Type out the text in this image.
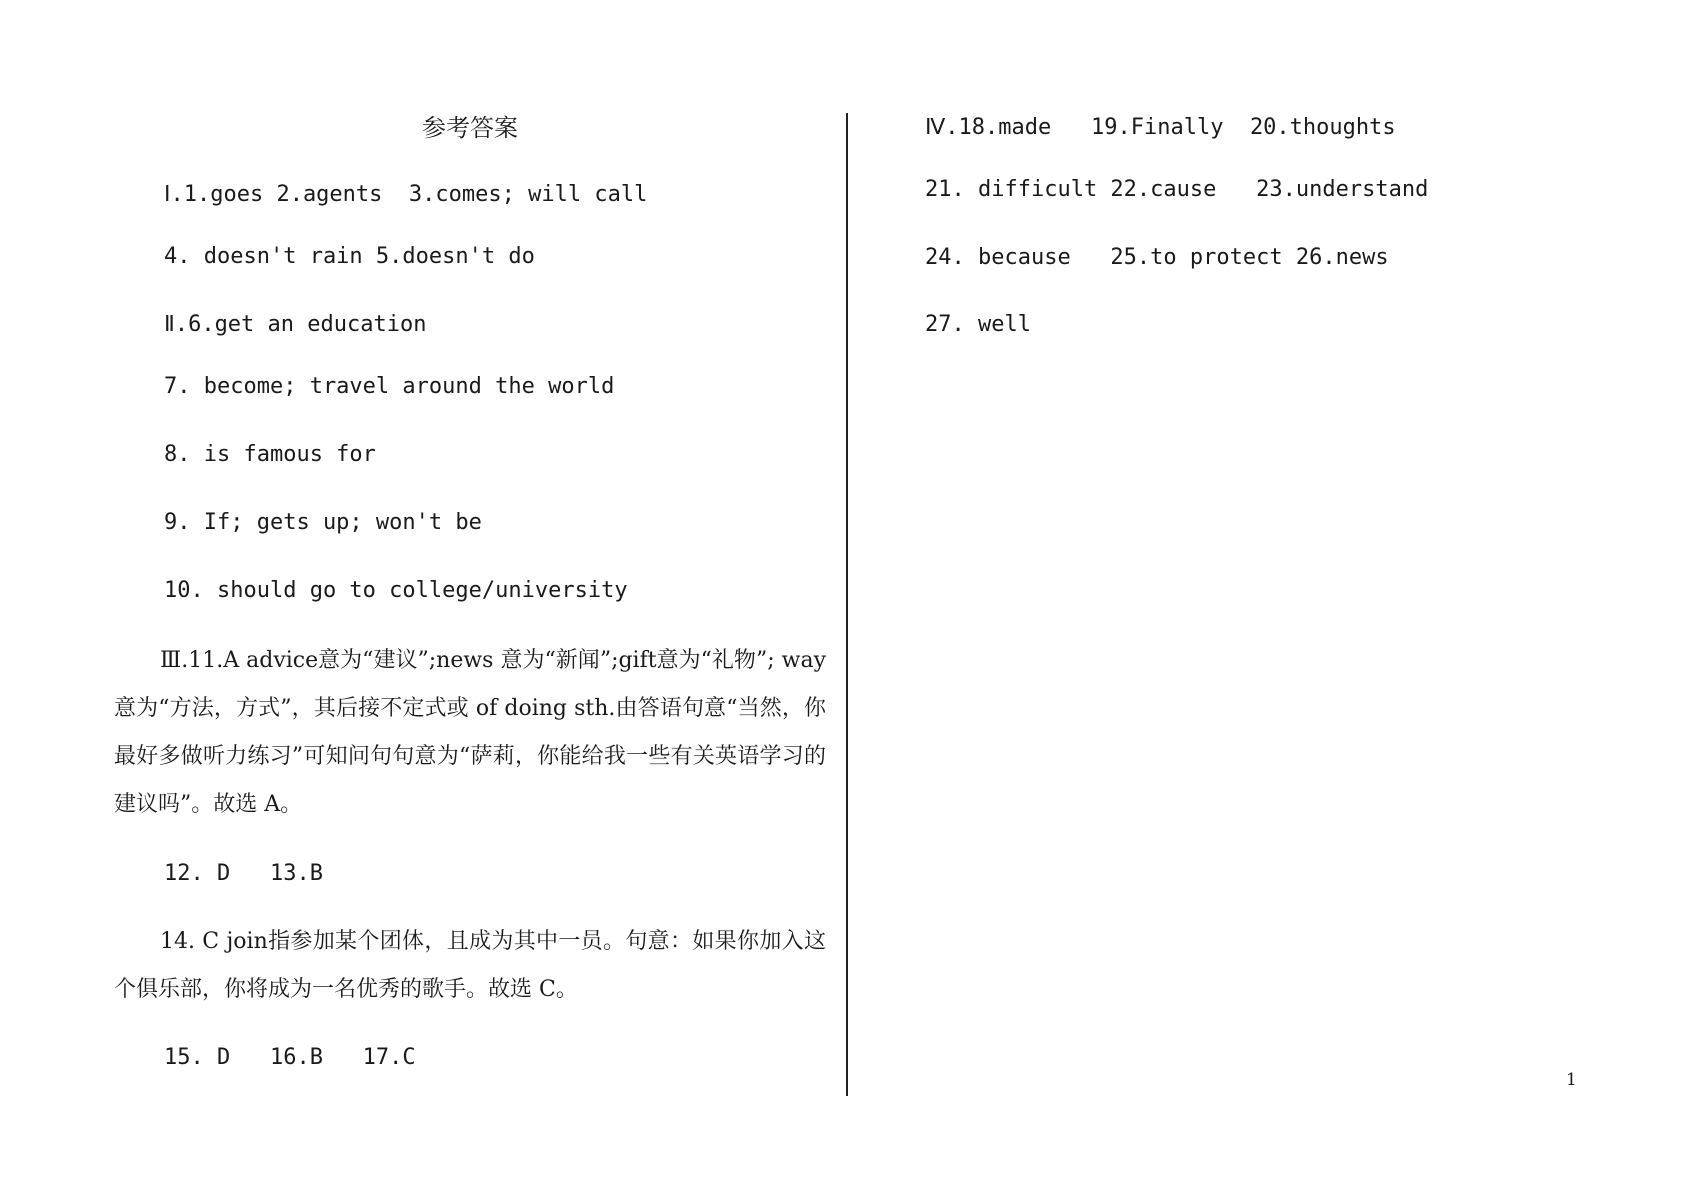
参考答案
Ⅰ.1.goes 2.agents  3.comes; will call
4. doesn't rain 5.doesn't do
Ⅱ.6.get an education
7. become; travel around the world
8. is famous for
9. If; gets up; won't be
10. should go to college/university
Ⅲ.11.A advice意为“建议”;news 意为“新闻”;gift意为“礼物”; way 意为“方法，方式”，其后接不定式或 of doing sth.由答语句意“当然，你最好多做听力练习”可知问句句意为“萨莉，你能给我一些有关英语学习的建议吗”。故选 A。
12. D   13.B
14. C join指参加某个团体，且成为其中一员。句意：如果你加入这个俱乐部，你将成为一名优秀的歌手。故选 C。
15. D   16.B   17.C
Ⅳ.18.made   19.Finally  20.thoughts
21. difficult 22.cause   23.understand
24. because   25.to protect 26.news
27. well
1
